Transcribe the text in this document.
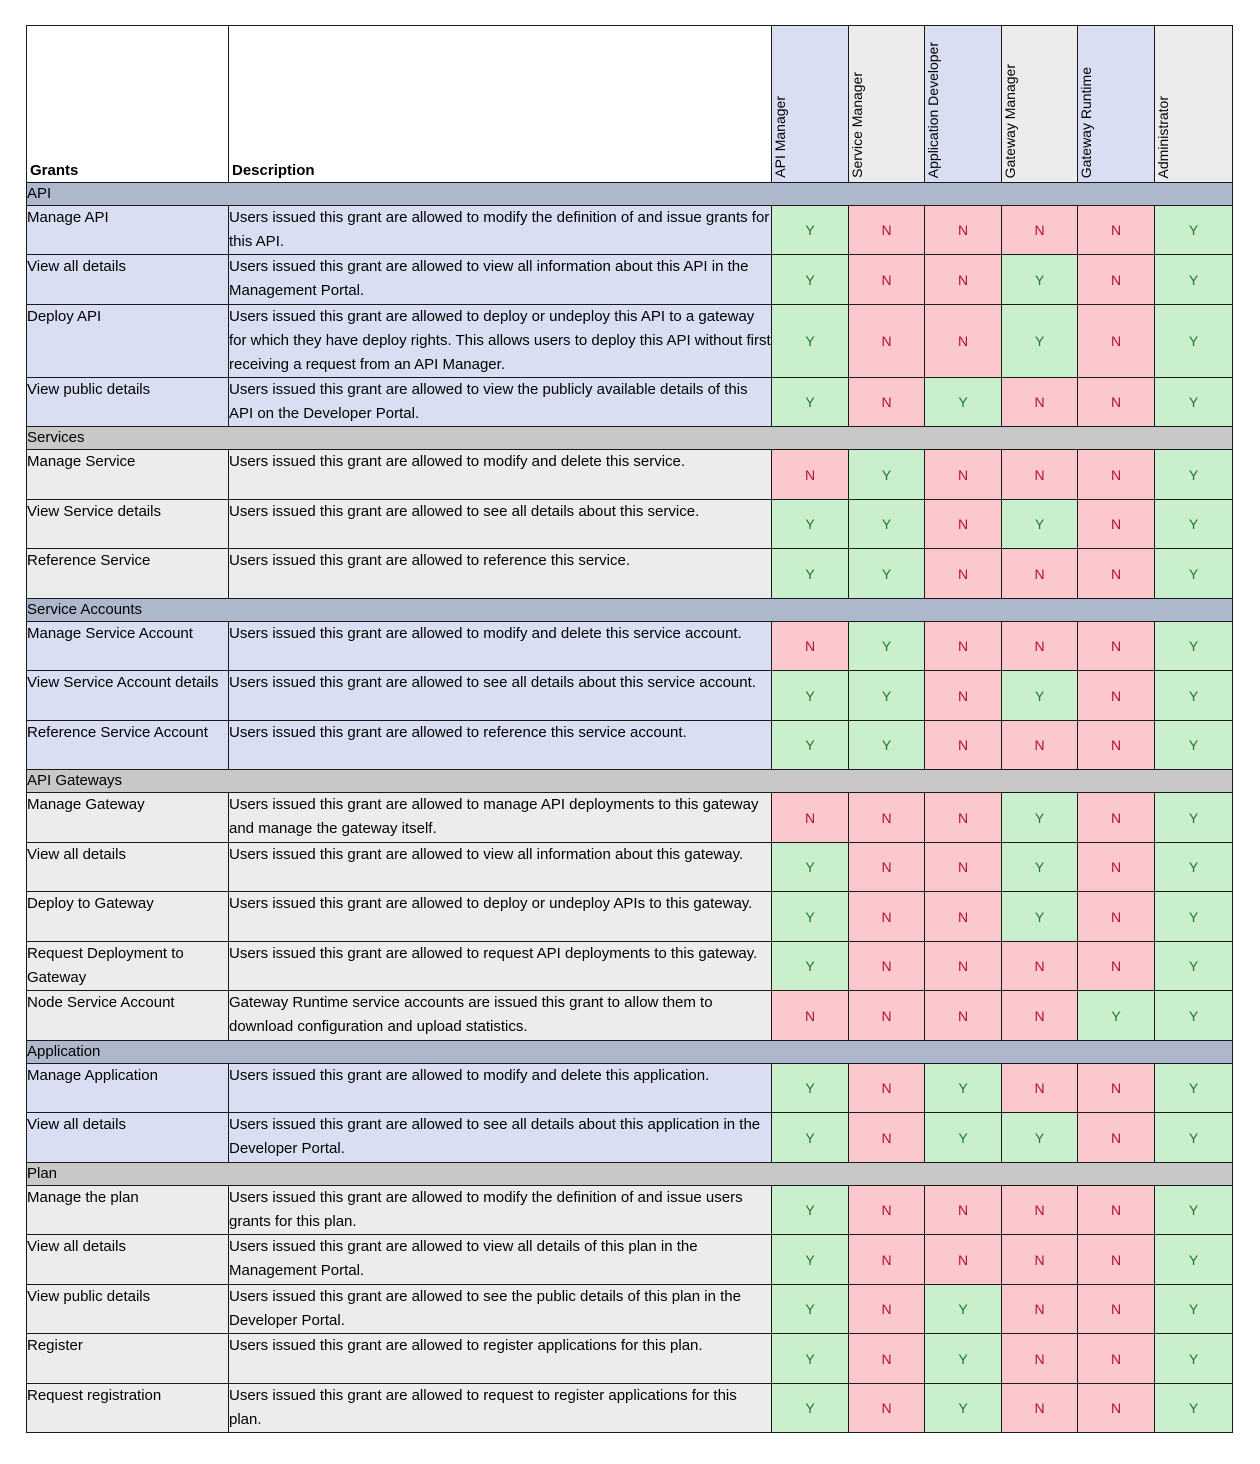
Grants	Description	API Manager	Service Manager	Application Developer	Gateway Manager	Gateway Runtime	Administrator

API							
Manage API	Users issued this grant are allowed to modify the definition of and issue grants for this API.	Y	N	N	N	N	Y
View all details	Users issued this grant are allowed to view all information about this API in the Management Portal.	Y	N	N	Y	N	Y
Deploy API	Users issued this grant are allowed to deploy or undeploy this API to a gateway for which they have deploy rights. This allows users to deploy this API without first receiving a request from an API Manager.	Y	N	N	Y	N	Y
View public details	Users issued this grant are allowed to view the publicly available details of this API on the Developer Portal.	Y	N	Y	N	N	Y
Services							
Manage Service	Users issued this grant are allowed to modify and delete this service.	N	Y	N	N	N	Y
View Service details	Users issued this grant are allowed to see all details about this service.	Y	Y	N	Y	N	Y
Reference Service	Users issued this grant are allowed to reference this service.	Y	Y	N	N	N	Y
Service Accounts							
Manage Service Account	Users issued this grant are allowed to modify and delete this service account.	N	Y	N	N	N	Y
View Service Account details	Users issued this grant are allowed to see all details about this service account.	Y	Y	N	Y	N	Y
Reference Service Account	Users issued this grant are allowed to reference this service account.	Y	Y	N	N	N	Y
API Gateways							
Manage Gateway	Users issued this grant are allowed to manage API deployments to this gateway and manage the gateway itself.	N	N	N	Y	N	Y
View all details	Users issued this grant are allowed to view all information about this gateway.	Y	N	N	Y	N	Y
Deploy to Gateway	Users issued this grant are allowed to deploy or undeploy APIs to this gateway.	Y	N	N	Y	N	Y
Request Deployment to Gateway	Users issued this grant are allowed to request API deployments to this gateway.	Y	N	N	N	N	Y
Node Service Account	Gateway Runtime service accounts are issued this grant to allow them to download configuration and upload statistics.	N	N	N	N	Y	Y
Application							
Manage Application	Users issued this grant are allowed to modify and delete this application.	Y	N	Y	N	N	Y
View all details	Users issued this grant are allowed to see all details about this application in the Developer Portal.	Y	N	Y	Y	N	Y
Plan							
Manage the plan	Users issued this grant are allowed to modify the definition of and issue users grants for this plan.	Y	N	N	N	N	Y
View all details	Users issued this grant are allowed to view all details of this plan in the Management Portal.	Y	N	N	N	N	Y
View public details	Users issued this grant are allowed to see the public details of this plan in the Developer Portal.	Y	N	Y	N	N	Y
Register	Users issued this grant are allowed to register applications for this plan.	Y	N	Y	N	N	Y
Request registration	Users issued this grant are allowed to request to register applications for this plan.	Y	N	Y	N	N	Y
